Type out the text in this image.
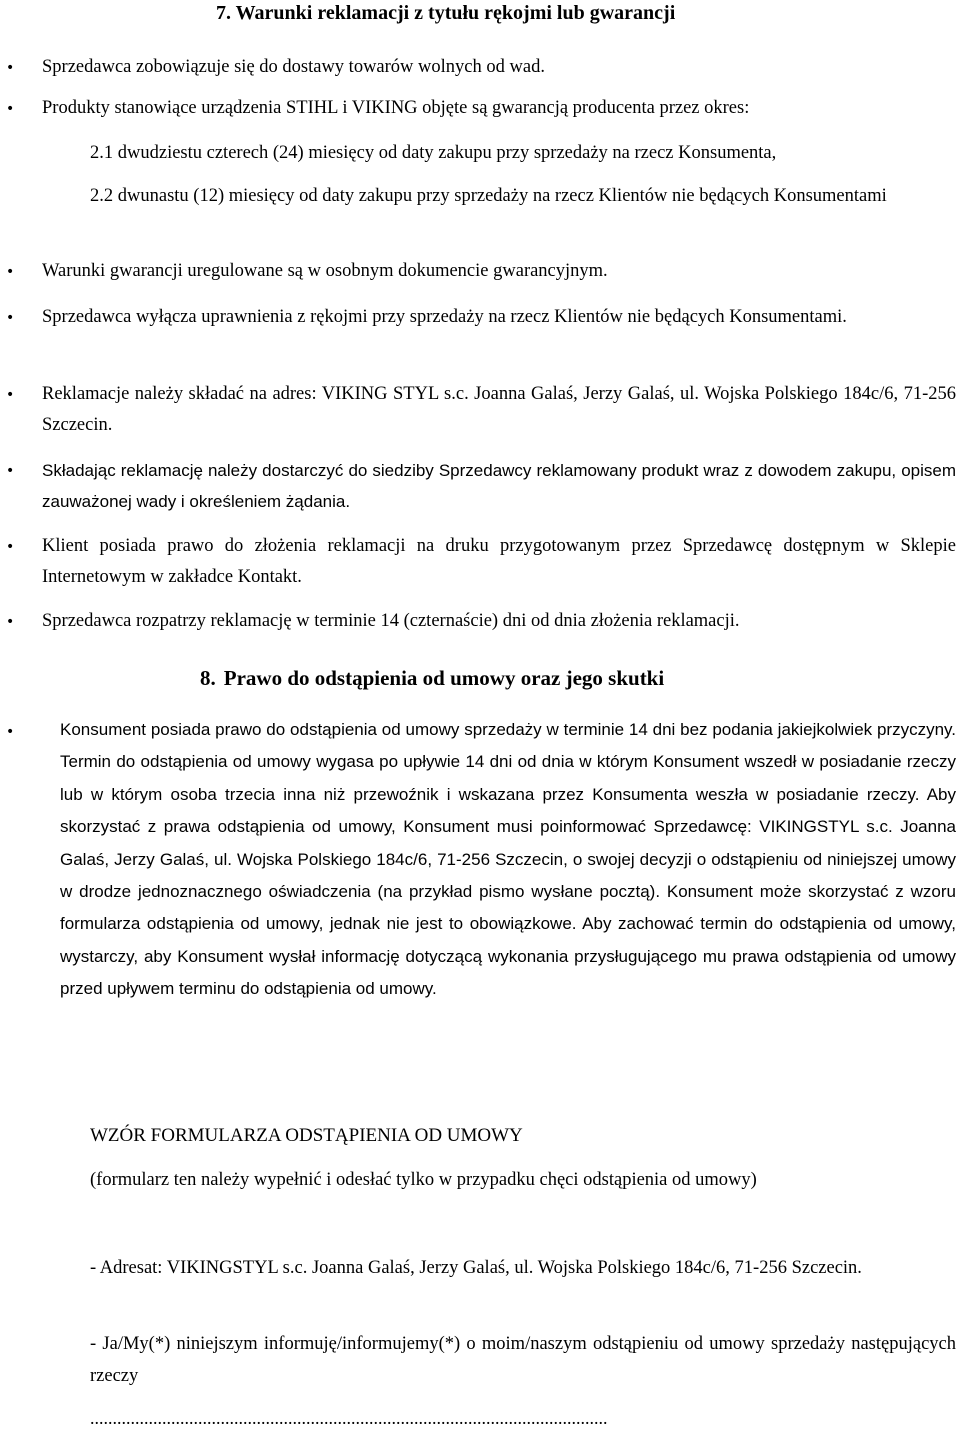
7. Warunki reklamacji z tytułu rękojmi lub gwarancji
• Sprzedawca zobowiązuje się do dostawy towarów wolnych od wad.
• Produkty stanowiące urządzenia STIHL i VIKING objęte są gwarancją producenta przez okres:
2.1 dwudziestu czterech (24) miesięcy od daty zakupu przy sprzedaży na rzecz Konsumenta,
2.2 dwunastu (12) miesięcy od daty zakupu przy sprzedaży na rzecz Klientów nie będących Konsumentami
• Warunki gwarancji uregulowane są w osobnym dokumencie gwarancyjnym.
• Sprzedawca wyłącza uprawnienia z rękojmi przy sprzedaży na rzecz Klientów nie będących Konsumentami.
• Reklamacje należy składać na adres: VIKING STYL s.c. Joanna Galaś, Jerzy Galaś, ul. Wojska Polskiego 184c/6, 71-256 Szczecin.
• Składając reklamację należy dostarczyć do siedziby Sprzedawcy reklamowany produkt wraz z dowodem zakupu, opisem zauważonej wady i określeniem żądania.
• Klient posiada prawo do złożenia reklamacji na druku przygotowanym przez Sprzedawcę dostępnym w Sklepie Internetowym w zakładce Kontakt.
• Sprzedawca rozpatrzy reklamację w terminie 14 (czternaście) dni od dnia złożenia reklamacji.
8. Prawo do odstąpienia od umowy oraz jego skutki
•	Konsument posiada prawo do odstąpienia od umowy sprzedaży w terminie 14 dni bez podania jakiejkolwiek przyczyny. Termin do odstąpienia od umowy wygasa po upływie 14 dni od dnia w którym Konsument wszedł w posiadanie rzeczy lub w którym osoba trzecia inna niż przewoźnik i wskazana przez Konsumenta weszła w posiadanie rzeczy. Aby skorzystać z prawa odstąpienia od umowy, Konsument musi poinformować Sprzedawcę: VIKINGSTYL s.c. Joanna Galaś, Jerzy Galaś, ul. Wojska Polskiego 184c/6, 71-256 Szczecin, o swojej decyzji o odstąpieniu od niniejszej umowy w drodze jednoznacznego oświadczenia (na przykład pismo wysłane pocztą). Konsument może skorzystać z wzoru formularza odstąpienia od umowy, jednak nie jest to obowiązkowe. Aby zachować termin do odstąpienia od umowy, wystarczy, aby Konsument wysłał informację dotyczącą wykonania przysługującego mu prawa odstąpienia od umowy przed upływem terminu do odstąpienia od umowy.
WZÓR FORMULARZA ODSTĄPIENIA OD UMOWY
(formularz ten należy wypełnić i odesłać tylko w przypadku chęci odstąpienia od umowy)
- Adresat: VIKINGSTYL s.c. Joanna Galaś, Jerzy Galaś, ul. Wojska Polskiego 184c/6, 71-256 Szczecin.
- Ja/My(*) niniejszym informuję/informujemy(*) o moim/naszym odstąpieniu od umowy sprzedaży następujących rzeczy
...................................................................................................................
